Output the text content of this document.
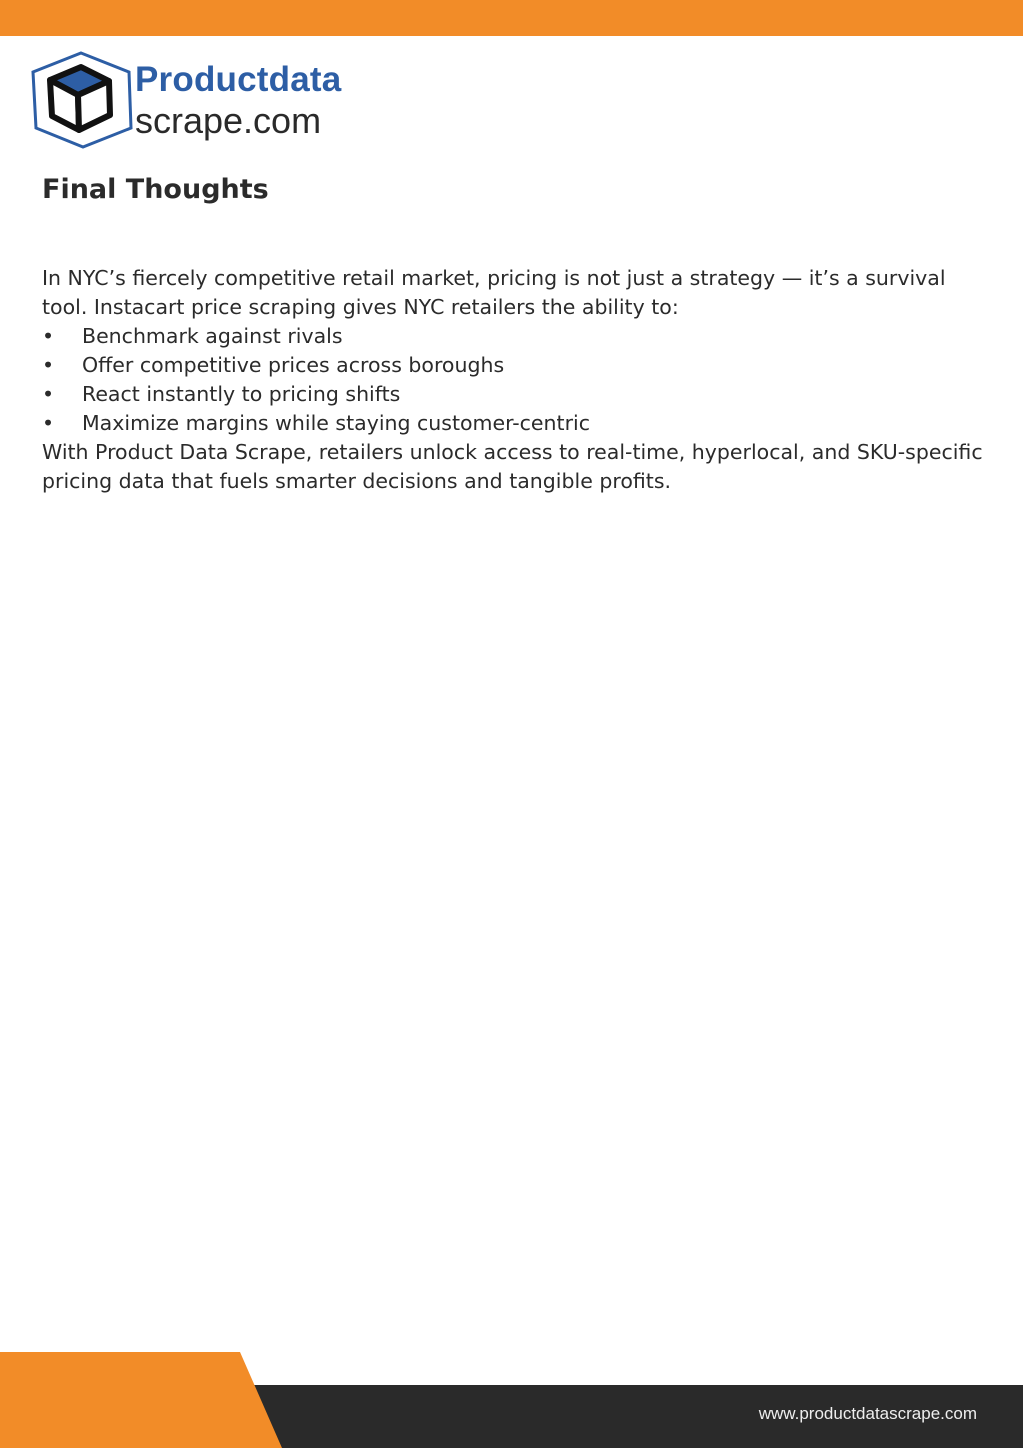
Productdata
scrape.com
Final Thoughts

In NYC’s fiercely competitive retail market, pricing is not just a strategy — it’s a survival tool. Instacart price scraping gives NYC retailers the ability to:

• Benchmark against rivals
• Offer competitive prices across boroughs
• React instantly to pricing shifts
• Maximize margins while staying customer-centric

With Product Data Scrape, retailers unlock access to real-time, hyperlocal, and SKU-specific pricing data that fuels smarter decisions and tangible profits.

www.productdatascrape.com
